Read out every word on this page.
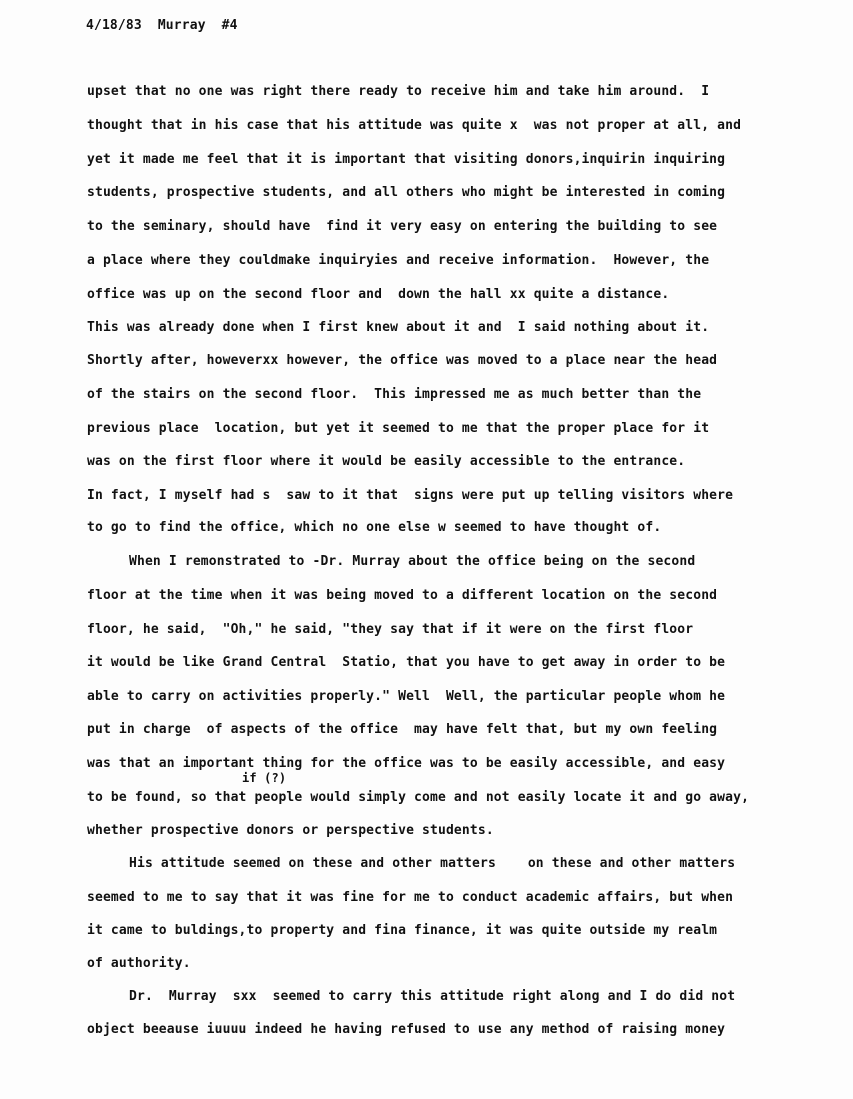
4/18/83 Murray #4
upset that no one was right there ready to receive him and take him around.  I
thought that in his case that his attitude was quite x  was not proper at all, and
yet it made me feel that it is important that visiting donors,inquirin inquiring
students, prospective students, and all others who might be interested in coming
to the seminary, should have  find it very easy on entering the building to see
a place where they couldmake inquiryies and receive information.  However, the
office was up on the second floor and  down the hall xx quite a distance.
This was already done when I first knew about it and  I said nothing about it.
Shortly after, howeverxx however, the office was moved to a place near the head
of the stairs on the second floor.  This impressed me as much better than the
previous place  location, but yet it seemed to me that the proper place for it
was on the first floor where it would be easily accessible to the entrance.
In fact, I myself had s  saw to it that  signs were put up telling visitors where
to go to find the office, which no one else w seemed to have thought of.
When I remonstrated to -Dr. Murray about the office being on the second
floor at the time when it was being moved to a different location on the second
floor, he said,  "Oh," he said, "they say that if it were on the first floor
it would be like Grand Central  Statio, that you have to get away in order to be
able to carry on activities properly." Well  Well, the particular people whom he
put in charge  of aspects of the office  may have felt that, but my own feeling
was that an important thing for the office was to be easily accessible, and easy
if (?)
to be found, so that people would simply come and not easily locate it and go away,
whether prospective donors or perspective students.
His attitude seemed on these and other matters    on these and other matters
seemed to me to say that it was fine for me to conduct academic affairs, but when
it came to buldings,to property and fina finance, it was quite outside my realm
of authority.
Dr.  Murray  sxx  seemed to carry this attitude right along and I do did not
object beeause iuuuu indeed he having refused to use any method of raising money
